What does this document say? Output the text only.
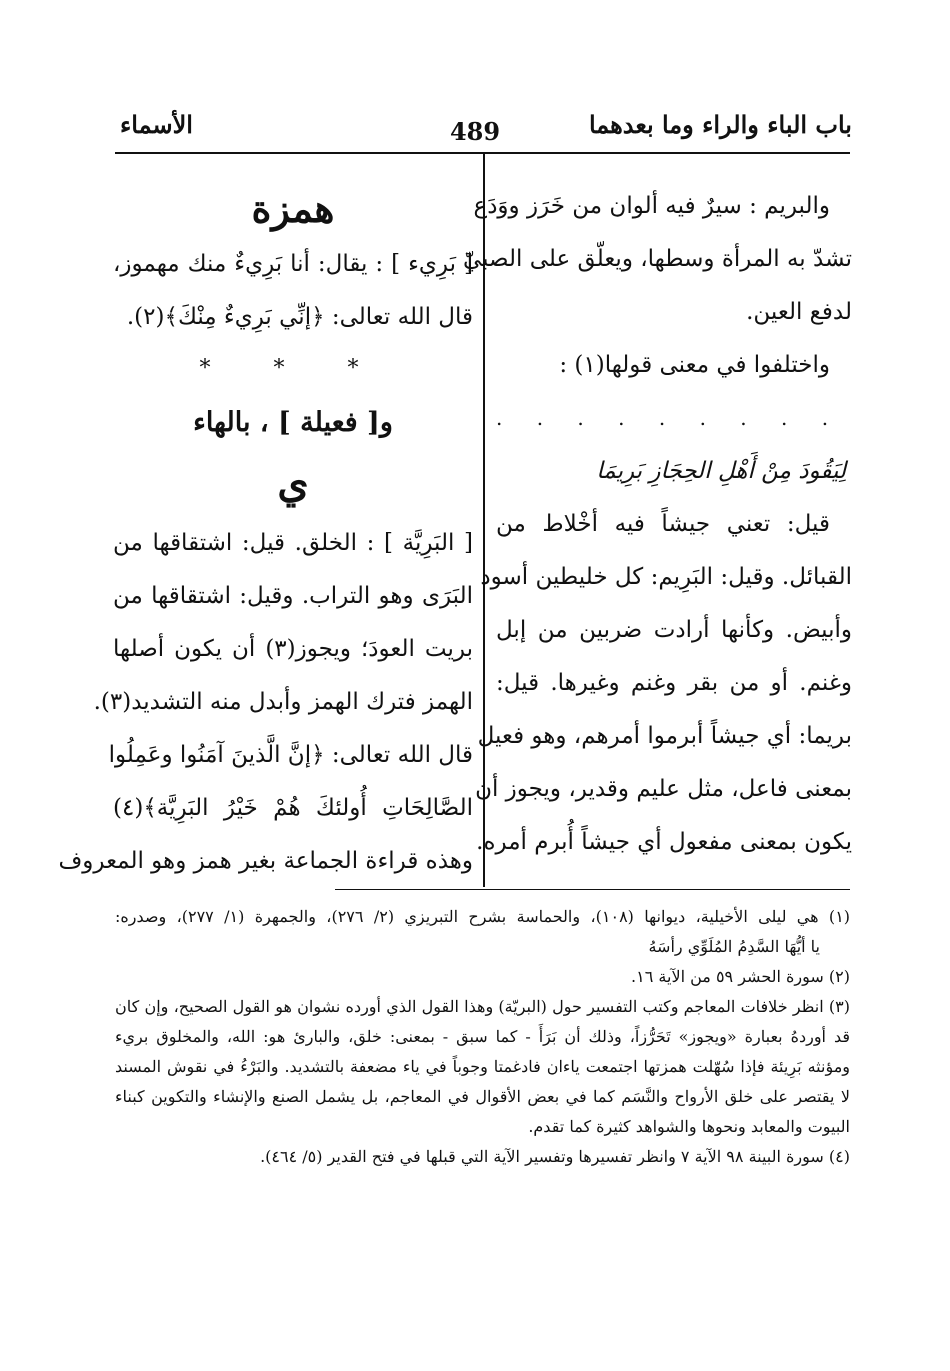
باب الباء والراء وما بعدهما
489
الأسماء
والبريم : سيرٌ فيه ألوان من خَرَز ووَدَع
تشدّ به المرأة وسطها، ويعلّق على الصبيّ
لدفع العين.
واختلفوا في معنى قولها(١) :
. . . . . . . . .
لِيَقُودَ مِنْ أَهْلِ الحِجَازِ بَرِيمَا
قيل: تعني جيشاً فيه أخْلاط من
القبائل. وقيل: البَرِيم: كل خليطين أسود
وأبيض. وكأنها أرادت ضربين من إبل
وغنم. أو من بقر وغنم وغيرها. قيل:
بريما: أي جيشاً أبرموا أمرهم، وهو فعيل
بمعنى فاعل، مثل عليم وقدير، ويجوز أن
يكون بمعنى مفعول أي جيشاً أُبرم أمره.
همزة
[ بَرِيء ] : يقال: أنا بَرِيءٌ منك مهموز،
قال الله تعالى: ﴿إنِّي بَرِيءٌ مِنْكَ﴾(٢).
* * *
و[ فعيلة ] ، بالهاء
ي
[ البَرِيَّة ] : الخلق. قيل: اشتقاقها من
البَرَى وهو التراب. وقيل: اشتقاقها من
بريت العودَ؛ ويجوز(٣) أن يكون أصلها
الهمز فترك الهمز وأبدل منه التشديد(٣).
قال الله تعالى: ﴿إنَّ الَّذينَ آمَنُوا وعَمِلُوا
الصَّالِحَاتِ أُولئكَ هُمْ خَيْرُ البَرِيَّة﴾(٤)
وهذه قراءة الجماعة بغير همز وهو المعروف
(١) هي ليلى الأخيلية، ديوانها (١٠٨)، والحماسة بشرح التبريزي (٢/ ٢٧٦)، والجمهرة (١/ ٢٧٧)، وصدره:
يا أيُّهَا السَّدِمُ المُلَوِّي رأسَهُ
(٢) سورة الحشر ٥٩ من الآية ١٦.
(٣) انظر خلافات المعاجم وكتب التفسير حول (البريّة) وهذا القول الذي أورده نشوان هو القول الصحيح، وإن كان
قد أوردهُ بعبارة «ويجوز» تَحَرُّزاً، وذلك أن بَرَأَ - كما سبق - بمعنى: خلق، والبارئ هو: الله، والمخلوق بريء
ومؤنثه بَرِيئة فإذا سُهّلت همزتها اجتمعت ياءان فادغمتا وجوباً في ياء مضعفة بالتشديد. والبَرْءُ في نقوش المسند
لا يقتصر على خلق الأرواح والنَّسَم كما في بعض الأقوال في المعاجم، بل يشمل الصنع والإنشاء والتكوين كبناء
البيوت والمعابد ونحوها والشواهد كثيرة كما تقدم.
(٤) سورة البينة ٩٨ الآية ٧ وانظر تفسيرها وتفسير الآية التي قبلها في فتح القدير (٥/ ٤٦٤).
